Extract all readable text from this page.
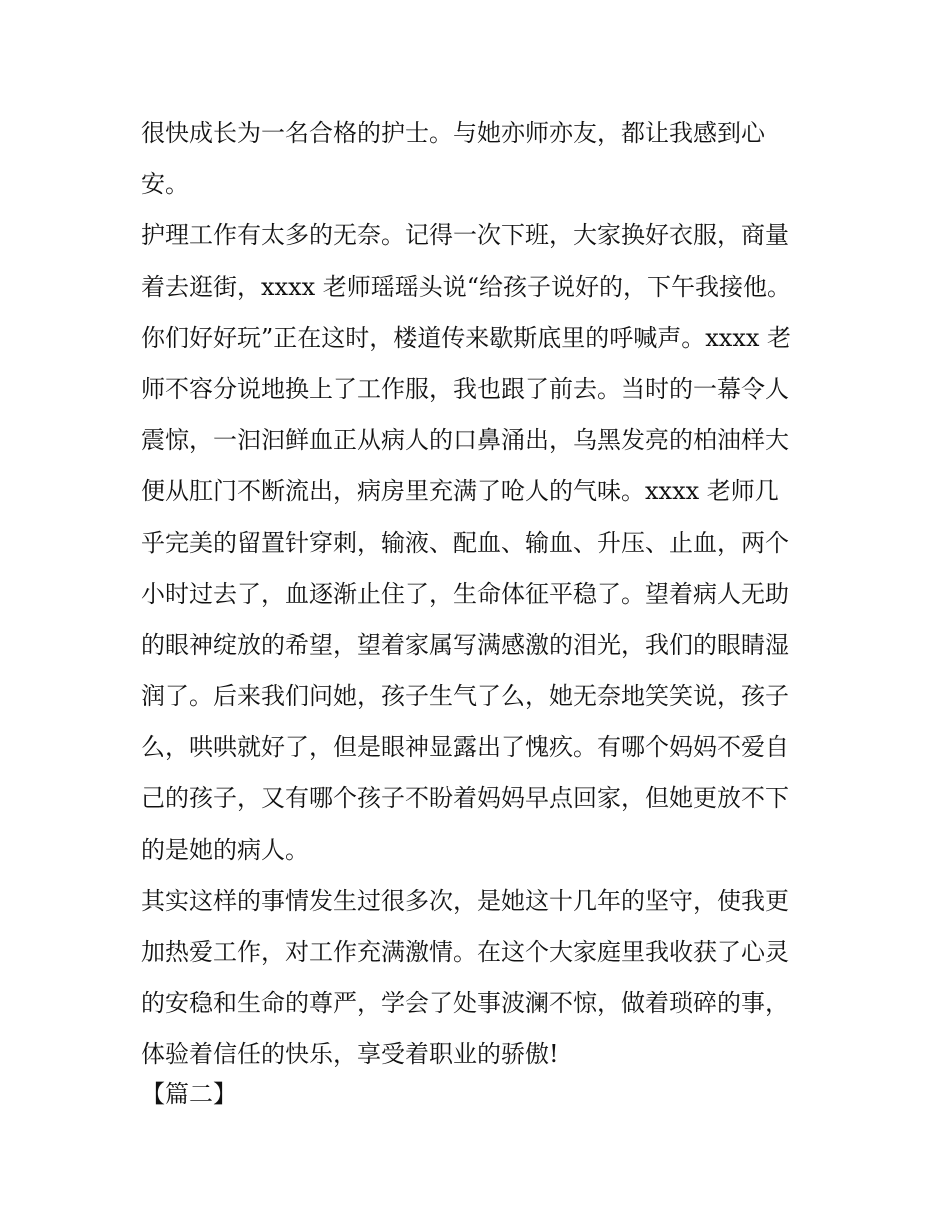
很快成长为一名合格的护士。与她亦师亦友，都让我感到心
安。
护理工作有太多的无奈。记得一次下班，大家换好衣服，商量
着去逛街，xxxx 老师瑶瑶头说“给孩子说好的，下午我接他。
你们好好玩”正在这时，楼道传来歇斯底里的呼喊声。xxxx 老
师不容分说地换上了工作服，我也跟了前去。当时的一幕令人
震惊，一汩汩鲜血正从病人的口鼻涌出，乌黑发亮的柏油样大
便从肛门不断流出，病房里充满了呛人的气味。xxxx 老师几
乎完美的留置针穿刺，输液、配血、输血、升压、止血，两个
小时过去了，血逐渐止住了，生命体征平稳了。望着病人无助
的眼神绽放的希望，望着家属写满感激的泪光，我们的眼睛湿
润了。后来我们问她，孩子生气了么，她无奈地笑笑说，孩子
么，哄哄就好了，但是眼神显露出了愧疚。有哪个妈妈不爱自
己的孩子，又有哪个孩子不盼着妈妈早点回家，但她更放不下
的是她的病人。
其实这样的事情发生过很多次，是她这十几年的坚守，使我更
加热爱工作，对工作充满激情。在这个大家庭里我收获了心灵
的安稳和生命的尊严，学会了处事波澜不惊，做着琐碎的事，
体验着信任的快乐，享受着职业的骄傲!
【篇二】
